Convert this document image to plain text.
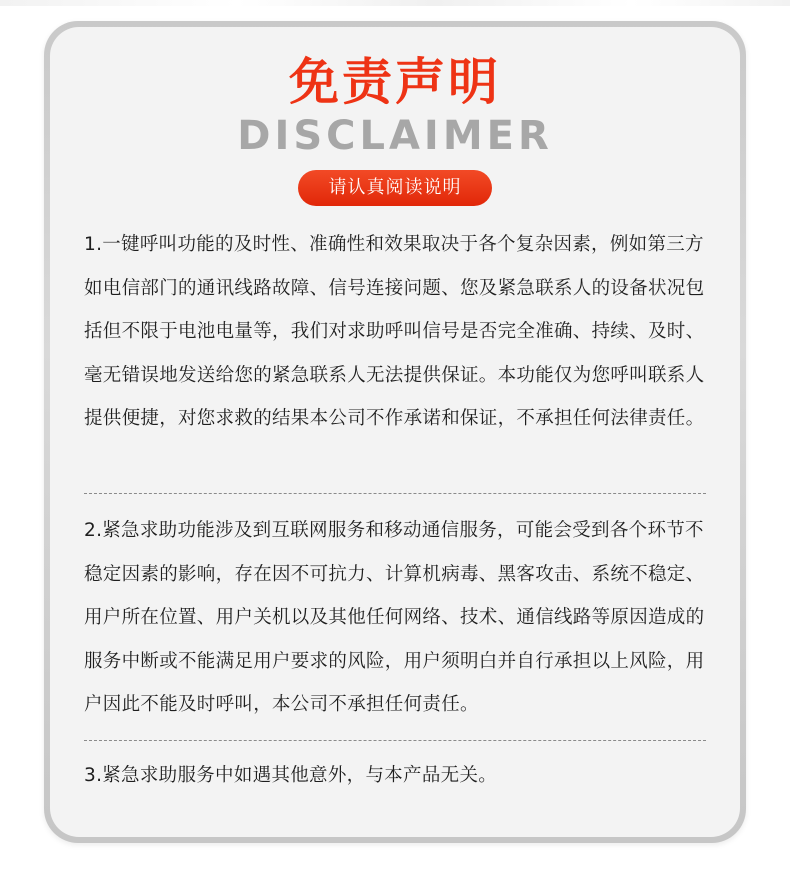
免责声明
DISCLAIMER
请认真阅读说明
1.一键呼叫功能的及时性、准确性和效果取决于各个复杂因素，例如第三方如电信部门的通讯线路故障、信号连接问题、您及紧急联系人的设备状况包括但不限于电池电量等，我们对求助呼叫信号是否完全准确、持续、及时、毫无错误地发送给您的紧急联系人无法提供保证。本功能仅为您呼叫联系人提供便捷，对您求救的结果本公司不作承诺和保证，不承担任何法律责任。
2.紧急求助功能涉及到互联网服务和移动通信服务，可能会受到各个环节不稳定因素的影响，存在因不可抗力、计算机病毒、黑客攻击、系统不稳定、用户所在位置、用户关机以及其他任何网络、技术、通信线路等原因造成的服务中断或不能满足用户要求的风险，用户须明白并自行承担以上风险，用户因此不能及时呼叫，本公司不承担任何责任。
3.紧急求助服务中如遇其他意外，与本产品无关。
